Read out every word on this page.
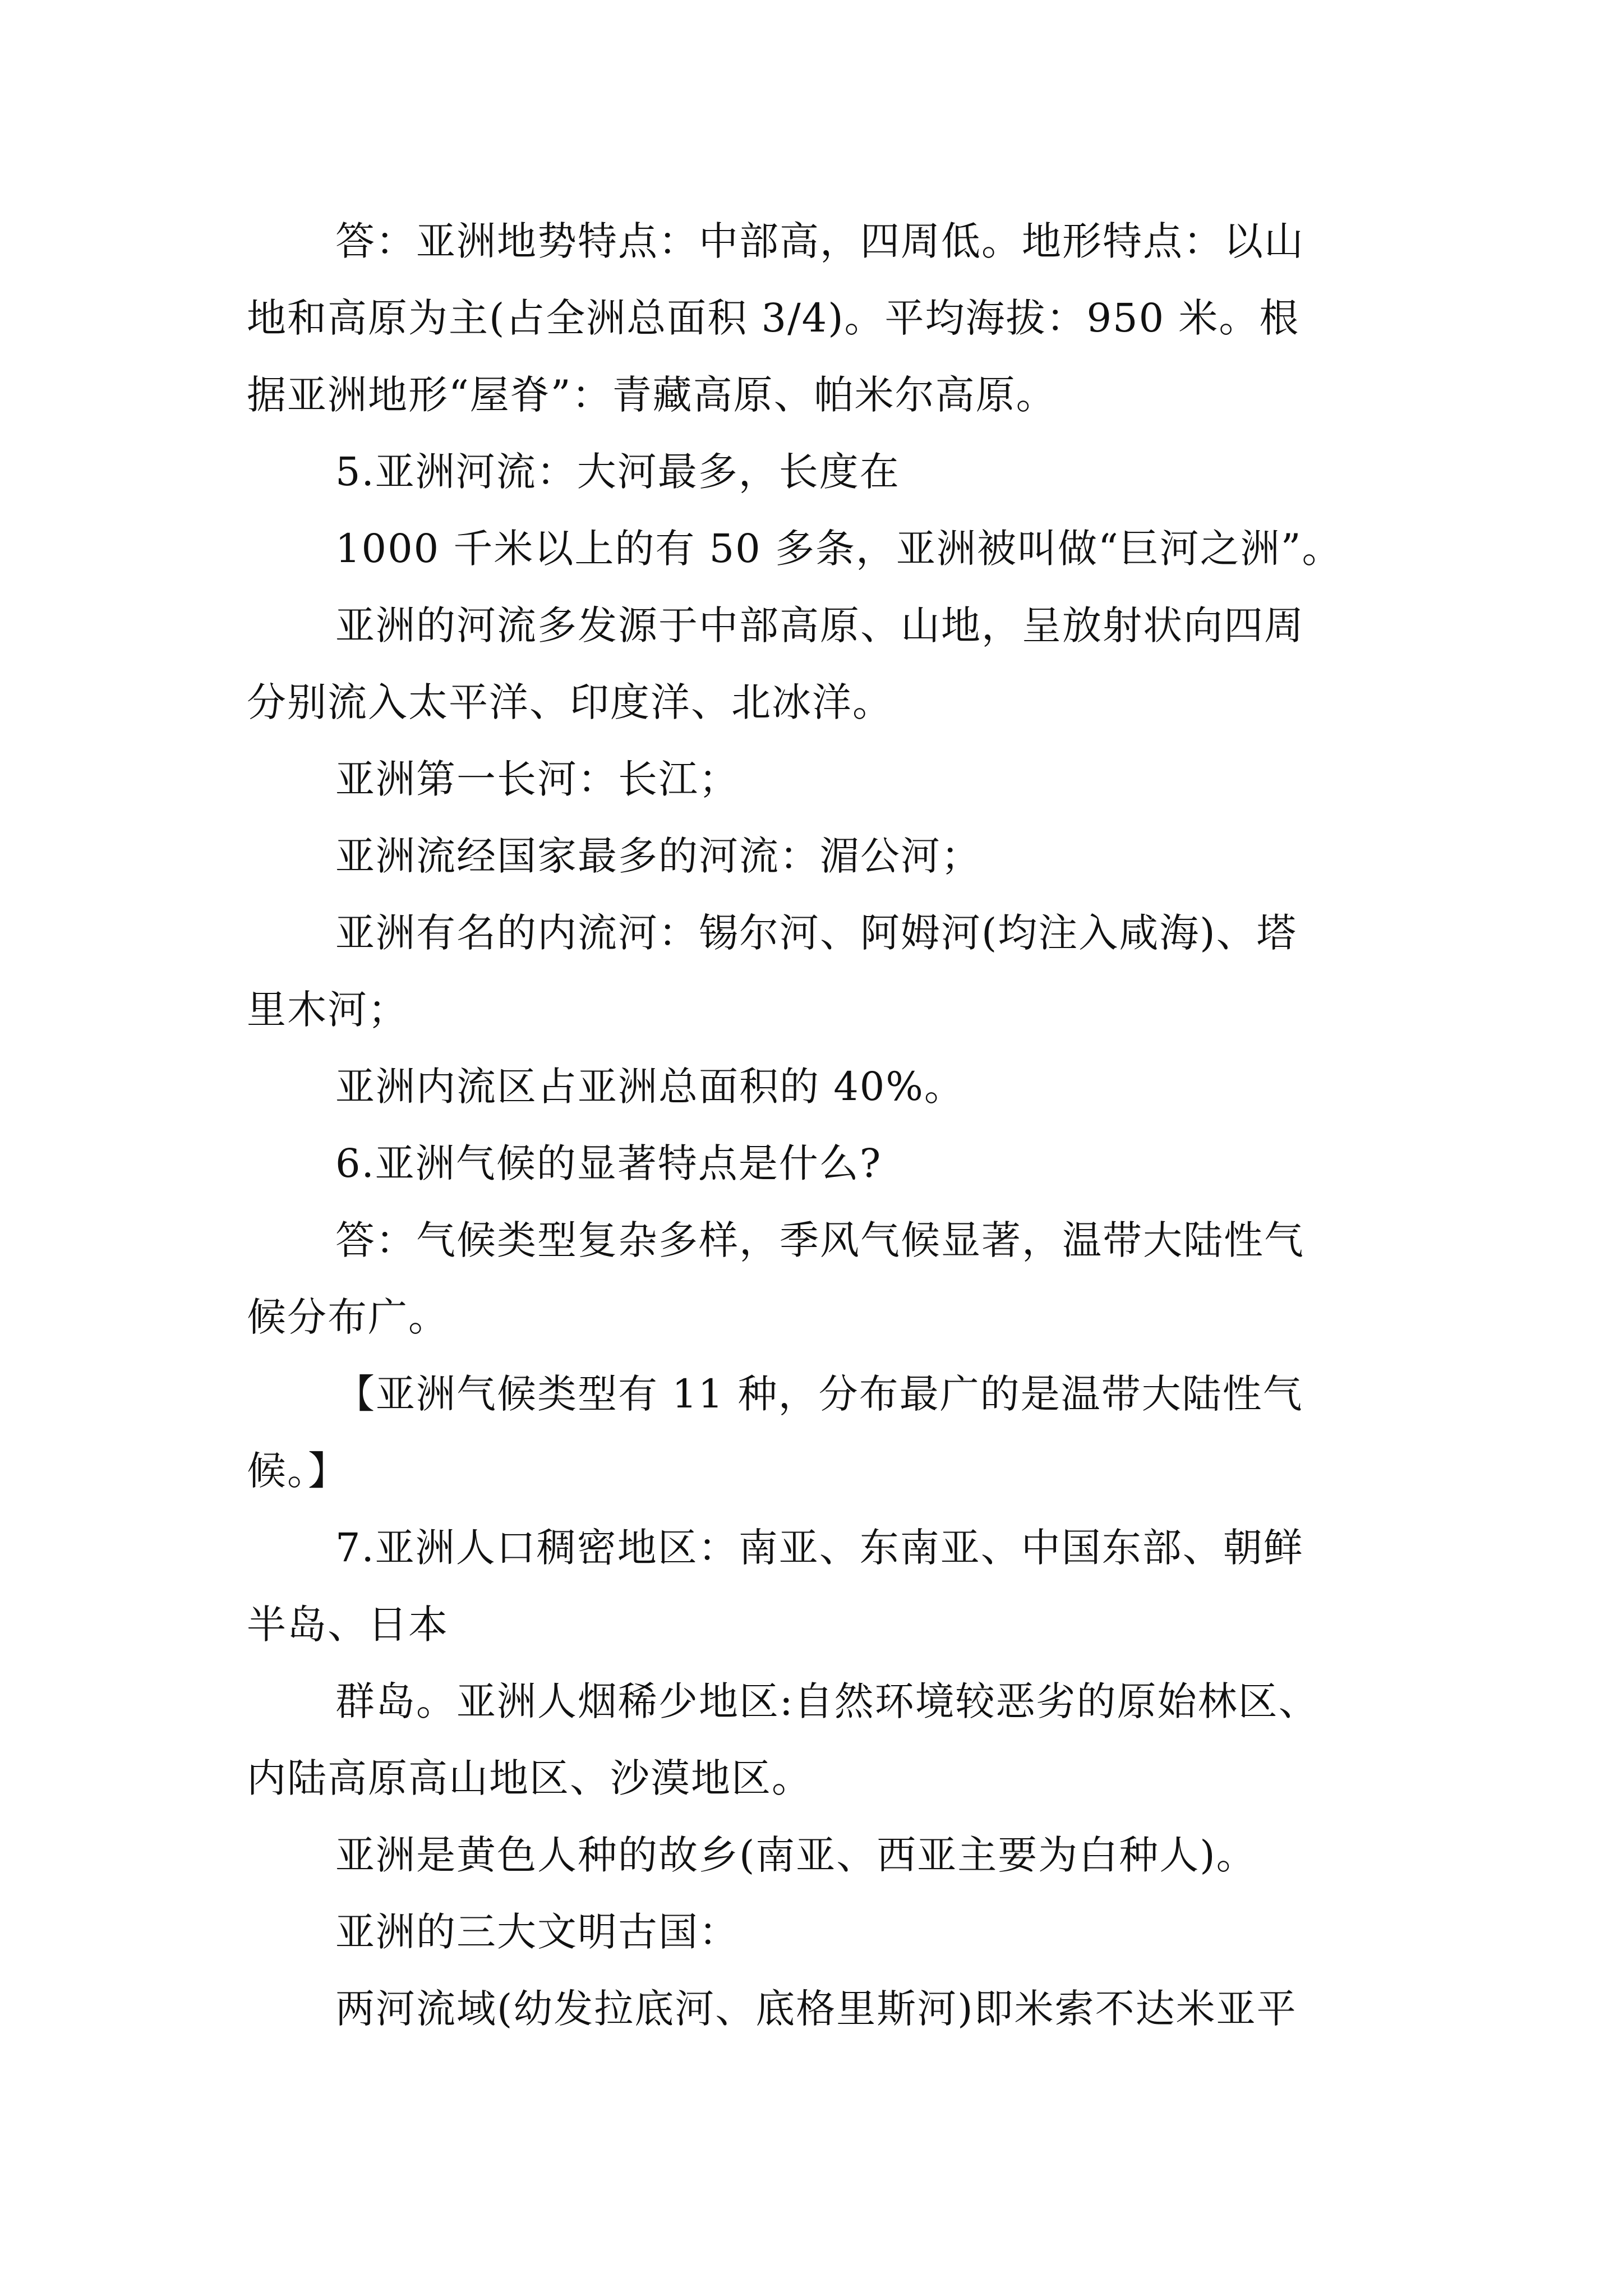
答：亚洲地势特点：中部高，四周低。地形特点：以山
地和高原为主(占全洲总面积 3/4)。平均海拔：950 米。根
据亚洲地形“屋脊”：青藏高原、帕米尔高原。
5.亚洲河流：大河最多，长度在
1000 千米以上的有 50 多条，亚洲被叫做“巨河之洲”。
亚洲的河流多发源于中部高原、山地，呈放射状向四周
分别流入太平洋、印度洋、北冰洋。
亚洲第一长河：长江；
亚洲流经国家最多的河流：湄公河；
亚洲有名的内流河：锡尔河、阿姆河(均注入咸海)、塔
里木河；
亚洲内流区占亚洲总面积的 40%。
6.亚洲气候的显著特点是什么?
答：气候类型复杂多样，季风气候显著，温带大陆性气
候分布广。
【亚洲气候类型有 11 种，分布最广的是温带大陆性气
候。】
7.亚洲人口稠密地区：南亚、东南亚、中国东部、朝鲜
半岛、日本
群岛。亚洲人烟稀少地区:自然环境较恶劣的原始林区、
内陆高原高山地区、沙漠地区。
亚洲是黄色人种的故乡(南亚、西亚主要为白种人)。
亚洲的三大文明古国：
两河流域(幼发拉底河、底格里斯河)即米索不达米亚平
